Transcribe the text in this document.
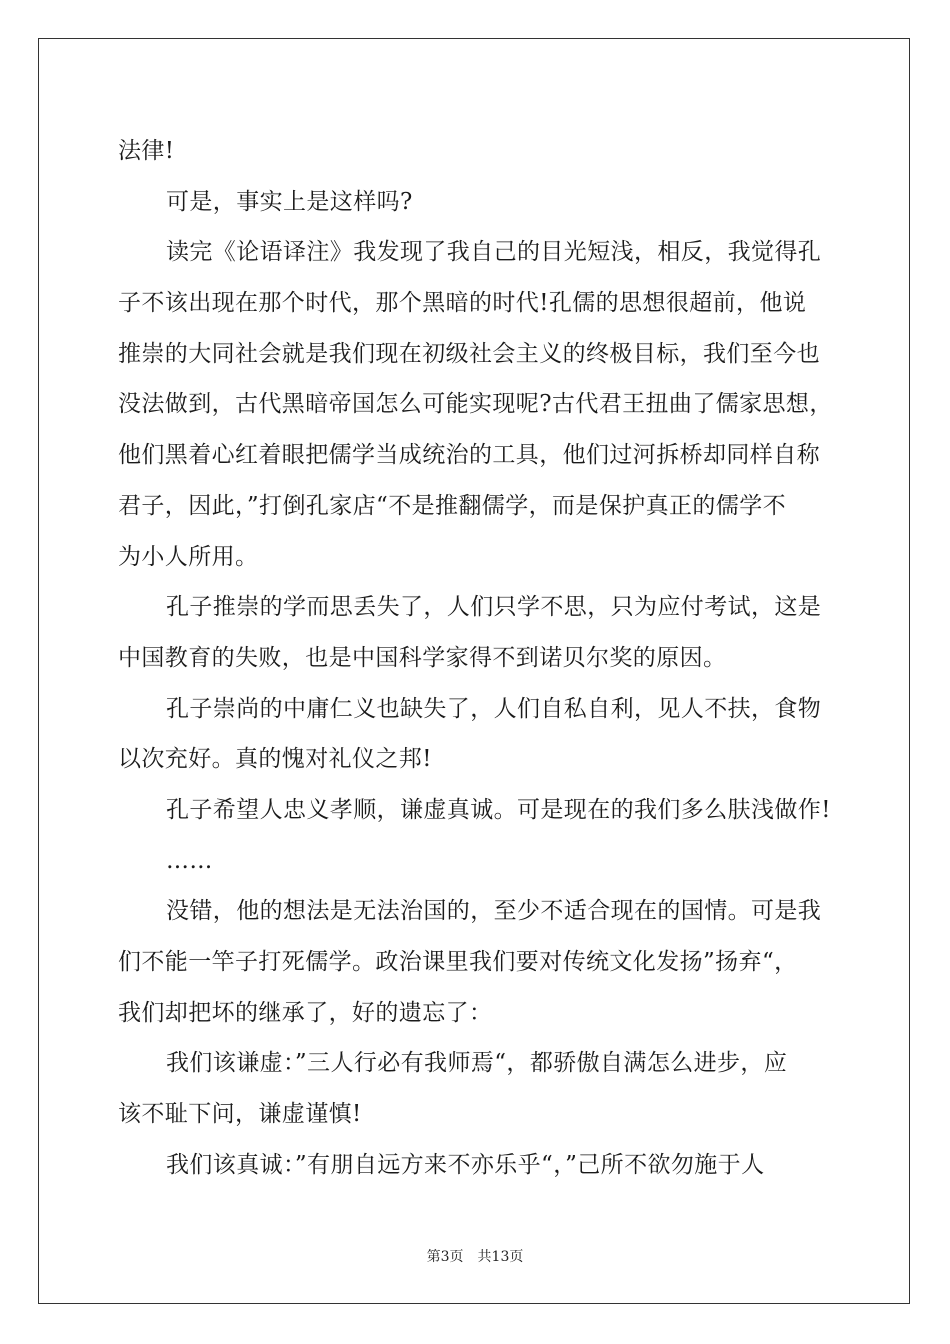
法律!
可是，事实上是这样吗?
读完《论语译注》我发现了我自己的目光短浅，相反，我觉得孔
子不该出现在那个时代，那个黑暗的时代!孔儒的思想很超前，他说
推崇的大同社会就是我们现在初级社会主义的终极目标，我们至今也
没法做到，古代黑暗帝国怎么可能实现呢?古代君王扭曲了儒家思想，
他们黑着心红着眼把儒学当成统治的工具，他们过河拆桥却同样自称
君子，因此，”打倒孔家店“不是推翻儒学，而是保护真正的儒学不
为小人所用。
孔子推崇的学而思丢失了，人们只学不思，只为应付考试，这是
中国教育的失败，也是中国科学家得不到诺贝尔奖的原因。
孔子崇尚的中庸仁义也缺失了，人们自私自利，见人不扶，食物
以次充好。真的愧对礼仪之邦!
孔子希望人忠义孝顺，谦虚真诚。可是现在的我们多么肤浅做作!
……
没错，他的想法是无法治国的，至少不适合现在的国情。可是我
们不能一竿子打死儒学。政治课里我们要对传统文化发扬”扬弃“，
我们却把坏的继承了，好的遗忘了：
我们该谦虚：”三人行必有我师焉“，都骄傲自满怎么进步，应
该不耻下问，谦虚谨慎!
我们该真诚：”有朋自远方来不亦乐乎“，”己所不欲勿施于人
第3页　共13页
